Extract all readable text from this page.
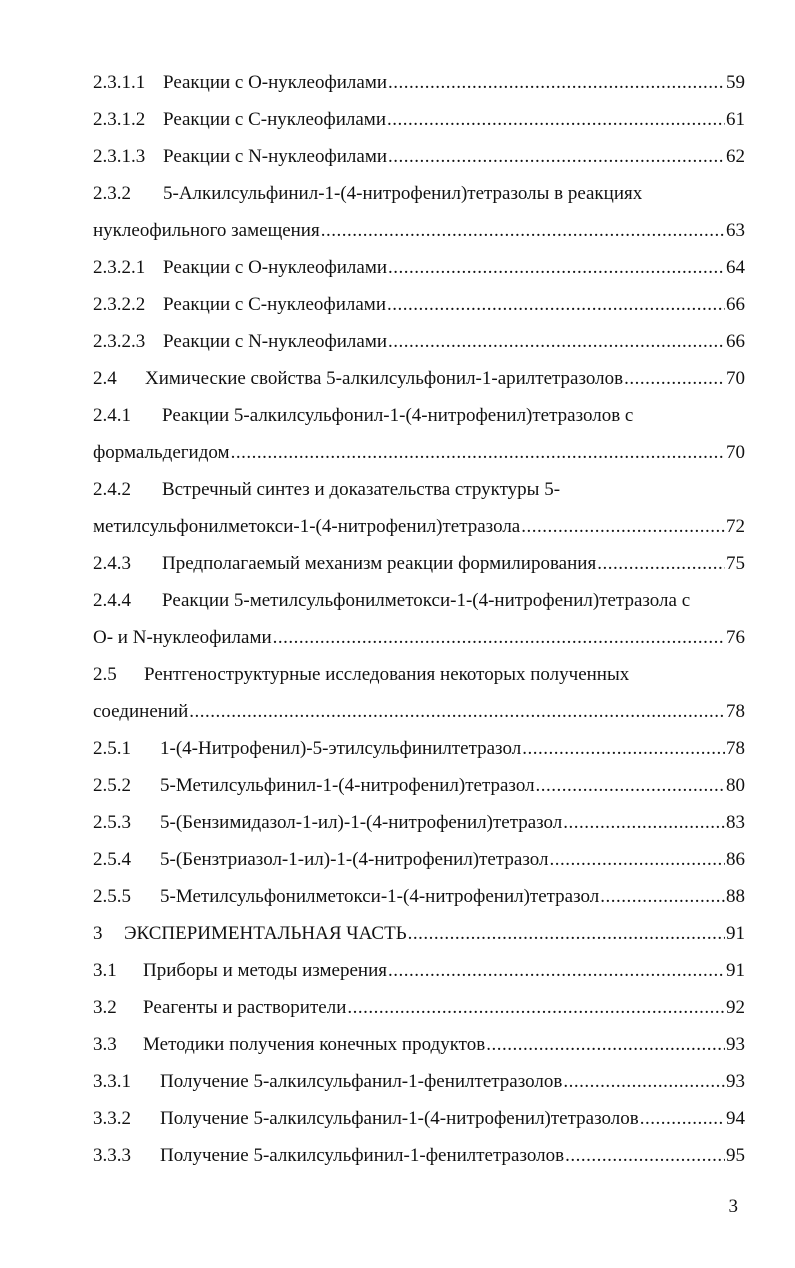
2.3.1.1 Реакции с О-нуклеофилами .....	59
2.3.1.2 Реакции с С-нуклеофилами .....	61
2.3.1.3 Реакции с N-нуклеофилами .....	62
2.3.2 5-Алкилсульфинил-1-(4-нитрофенил)тетразолы в реакциях
нуклеофильного замещения .....	63
2.3.2.1 Реакции с О-нуклеофилами .....	64
2.3.2.2 Реакции с С-нуклеофилами .....	66
2.3.2.3 Реакции с N-нуклеофилами .....	66
2.4	Химические свойства 5-алкилсульфонил-1-арилтетразолов .....	70
2.4.1 Реакции 5-алкилсульфонил-1-(4-нитрофенил)тетразолов с
формальдегидом .....	70
2.4.2 Встречный синтез и доказательства структуры 5-
метилсульфонилметокси-1-(4-нитрофенил)тетразола .....	72
2.4.3	Предполагаемый механизм реакции формилирования .....	75
2.4.4 Реакции 5-метилсульфонилметокси-1-(4-нитрофенил)тетразола с
О- и N-нуклеофилами .....	76
2.5 Рентгеноструктурные исследования некоторых полученных
соединений .....	78
2.5.1	1-(4-Нитрофенил)-5-этилсульфинилтетразол .....	78
2.5.2	5-Метилсульфинил-1-(4-нитрофенил)тетразол .....	80
2.5.3	5-(Бензимидазол-1-ил)-1-(4-нитрофенил)тетразол .....	83
2.5.4	5-(Бензтриазол-1-ил)-1-(4-нитрофенил)тетразол .....	86
2.5.5	5-Метилсульфонилметокси-1-(4-нитрофенил)тетразол .....	88
3	ЭКСПЕРИМЕНТАЛЬНАЯ ЧАСТЬ .....	91
3.1	Приборы и методы измерения .....	91
3.2	Реагенты и растворители .....	92
3.3	Методики получения конечных продуктов .....	93
3.3.1	Получение 5-алкилсульфанил-1-фенилтетразолов .....	93
3.3.2	Получение 5-алкилсульфанил-1-(4-нитрофенил)тетразолов .....	94
3.3.3	Получение 5-алкилсульфинил-1-фенилтетразолов .....	95
3
